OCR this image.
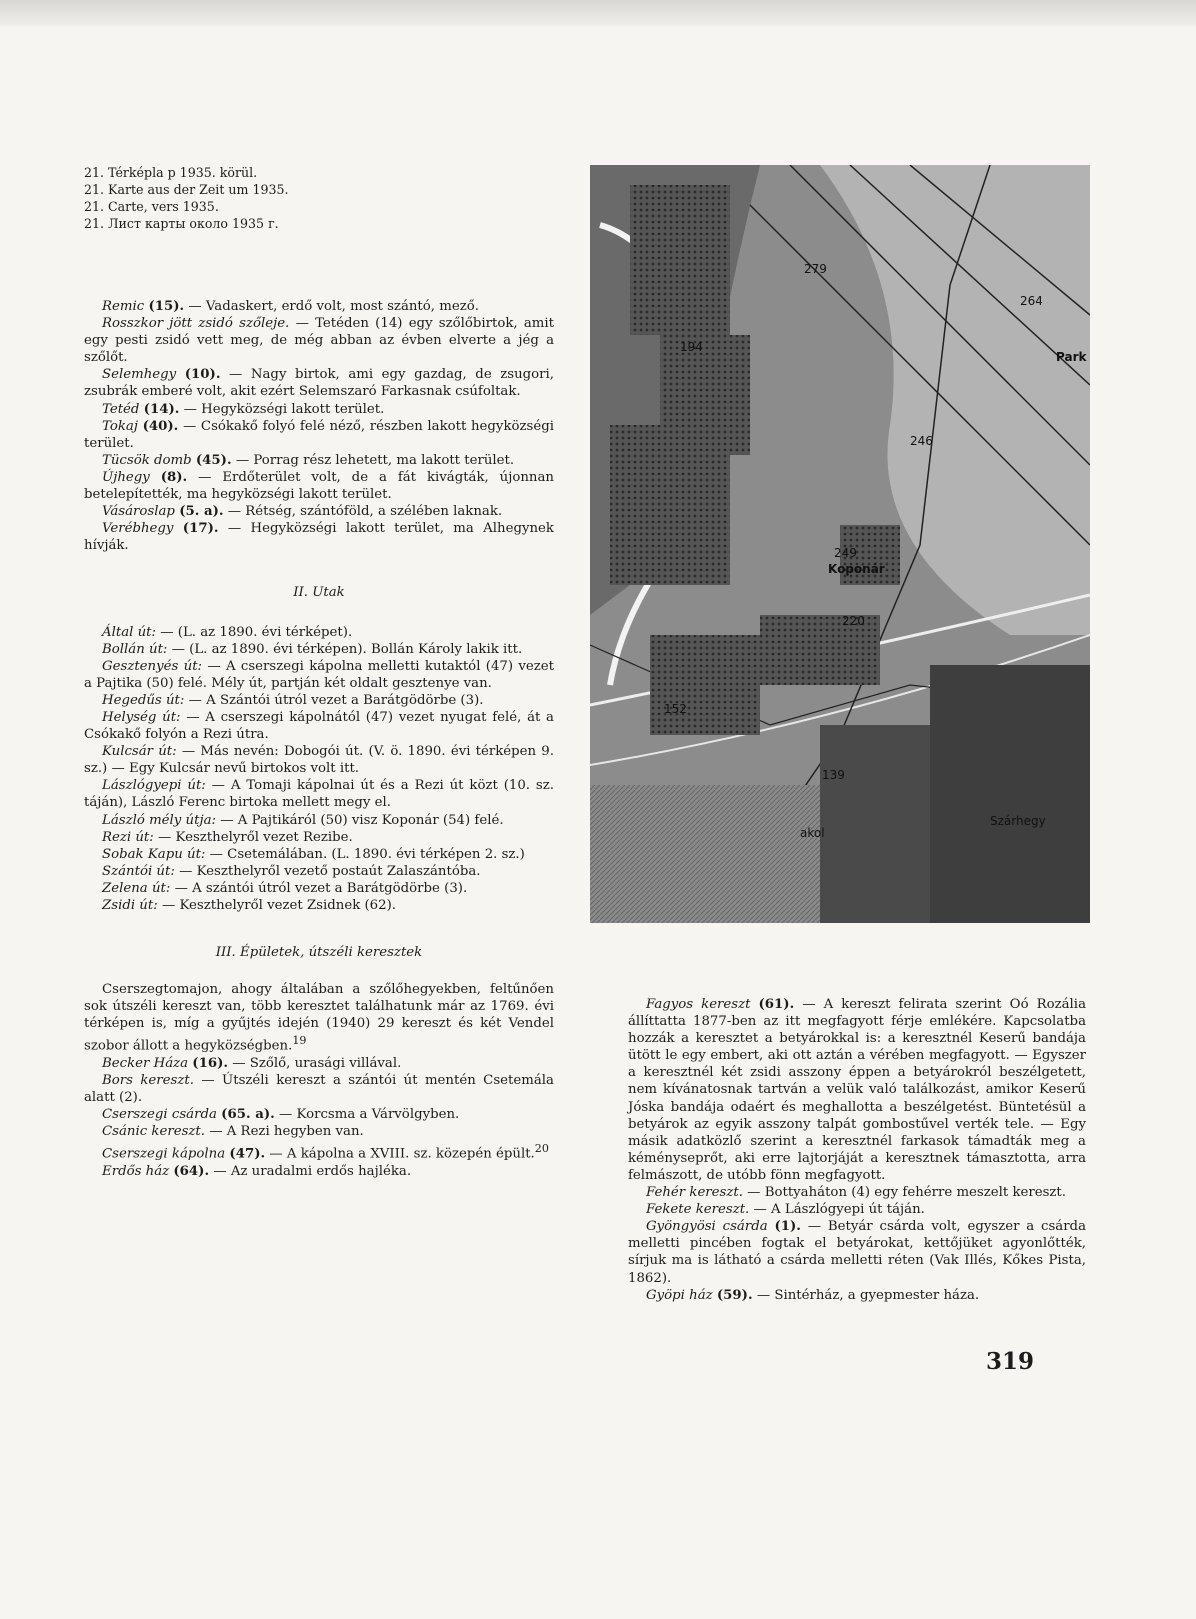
21. Térképla p 1935. körül.
21. Karte aus der Zeit um 1935.
21. Carte, vers 1935.
21. Лист карты около 1935 г.

Remic (15). — Vadaskert, erdő volt, most szántó, mező.

Rosszkor jött zsidó szőleje. — Tetéden (14) egy szőlőbirtok, amit egy pesti zsidó vett meg, de még abban az évben elverte a jég a szőlőt.

Selemhegy (10). — Nagy birtok, ami egy gazdag, de zsugori, zsubrák emberé volt, akit ezért Selemszaró Farkasnak csúfoltak.

Tetéd (14). — Hegyközségi lakott terület.

Tokaj (40). — Csókakő folyó felé néző, részben lakott hegyközségi terület.

Tücsök domb (45). — Porrag rész lehetett, ma lakott terület.

Újhegy (8). — Erdőterület volt, de a fát kivágták, újonnan betelepítették, ma hegyközségi lakott terület.

Vásároslap (5. a). — Rétség, szántóföld, a szélében laknak.

Verébhegy (17). — Hegyközségi lakott terület, ma Alhegynek hívják.

II. Utak

Által út: — (L. az 1890. évi térképet).

Bollán út: — (L. az 1890. évi térképen). Bollán Károly lakik itt.

Gesztenyés út: — A cserszegi kápolna melletti kutaktól (47) vezet a Pajtika (50) felé. Mély út, partján két oldalt gesztenye van.

Hegedűs út: — A Szántói útról vezet a Barátgödörbe (3).

Helység út: — A cserszegi kápolnától (47) vezet nyugat felé, át a Csókakő folyón a Rezi útra.

Kulcsár út: — Más nevén: Dobogói út. (V. ö. 1890. évi térképen 9. sz.) — Egy Kulcsár nevű birtokos volt itt.

Lászlógyepi út: — A Tomaji kápolnai út és a Rezi út közt (10. sz. táján), László Ferenc birtoka mellett megy el.

László mély útja: — A Pajtikáról (50) visz Koponár (54) felé.

Rezi út: — Keszthelyről vezet Rezibe.

Sobak Kapu út: — Csetemálában. (L. 1890. évi térképen 2. sz.)

Szántói út: — Keszthelyről vezető postaút Zalaszántóba.

Zelena út: — A szántói útról vezet a Barátgödörbe (3).

Zsidi út: — Keszthelyről vezet Zsidnek (62).

III. Épületek, útszéli keresztek

Cserszegtomajon, ahogy általában a szőlőhegyekben, feltűnően sok útszéli kereszt van, több keresztet találhatunk már az 1769. évi térképen is, míg a gyűjtés idején (1940) 29 kereszt és két Vendel szobor állott a hegyközségben.$^{19}$

Becker Háza (16). — Szőlő, urasági villával.

Bors kereszt. — Útszéli kereszt a szántói út mentén Csetemála alatt (2).

Cserszegi csárda (65. a). — Korcsma a Várvölgyben.

Csánic kereszt. — A Rezi hegyben van.

Cserszegi kápolna (47). — A kápolna a XVIII. sz. közepén épült.$^{20}$

Erdős ház (64). — Az uradalmi erdős hajléka.

279
264
246
249
Koponár
220
152
139
akol
Szárhegy
194
Park

Fagyos kereszt (61). — A kereszt felirata szerint Oó Rozália állíttatta 1877-ben az itt megfagyott férje emlékére. Kapcsolatba hozzák a keresztet a betyárokkal is: a keresztnél Keserű bandája ütött le egy embert, aki ott aztán a vérében megfagyott. — Egyszer a keresztnél két zsidi asszony éppen a betyárokról beszélgetett, nem kívánatosnak tartván a velük való találkozást, amikor Keserű Jóska bandája odaért és meghallotta a beszélgetést. Büntetésül a betyárok az egyik asszony talpát gombostűvel verték tele. — Egy másik adatközlő szerint a keresztnél farkasok támadták meg a kéményseprőt, aki erre lajtorjáját a keresztnek támasztotta, arra felmászott, de utóbb fönn megfagyott.

Fehér kereszt. — Bottyaháton (4) egy fehérre meszelt kereszt.

Fekete kereszt. — A Lászlógyepi út táján.

Gyöngyösi csárda (1). — Betyár csárda volt, egyszer a csárda melletti pincében fogtak el betyárokat, kettőjüket agyonlőtték, sírjuk ma is látható a csárda melletti réten (Vak Illés, Kőkes Pista, 1862).

Gyöpi ház (59). — Sintérház, a gyepmester háza.

319
